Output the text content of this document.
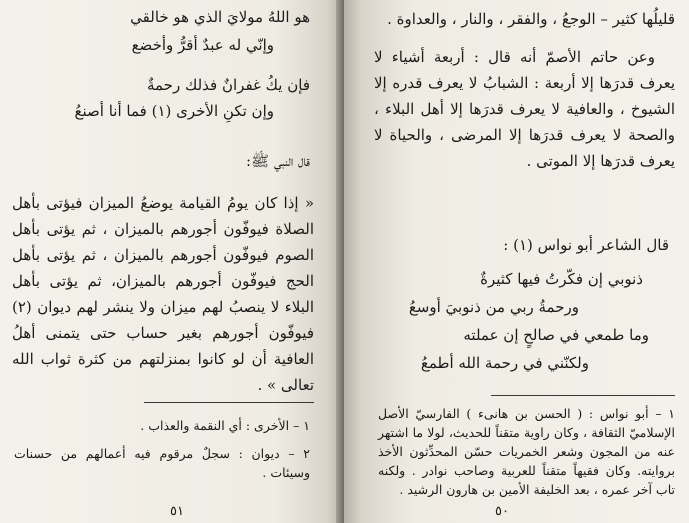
هو اللهُ مولايَ الذي هو خالقي
وإنّي له عبدٌ أقرُّ وأخضع
فإن يكُ غفرانٌ فذلك رحمةٌ
وإن تكنِ الأخرى (١) فما أنا أصنعُ
قال النبي ﷺ:
« إذا كان يومُ القيامة يوضعُ الميزان فيؤتى بأهل الصلاة فيوفّون أجورهم بالميزان ، ثم يؤتى بأهل الصوم فيوفّون أجورهم بالميزان ، ثم يؤتى بأهل الحج فيوفّون أجورهم بالميزان، ثم يؤتى بأهل البلاء لا ينصبُ لهم ميزان ولا ينشر لهم ديوان (٢) فيوفّون أجورهم بغير حساب حتى يتمنى أهلُ العافية أن لو كانوا بمنزلتهم من كثرة ثواب الله تعالى » .
١ – الأخرى : أي النقمة والعذاب .
٢ – ديوان : سجلٌ مرقوم فيه أعمالهم من حسنات وسيئات .
٥١
قليلُها كثير – الوجعُ ، والفقر ، والنار ، والعداوة .
وعن حاتم الأصمّ أنه قال : أربعة أشياء لا يعرف قدرَها إلا أربعة : الشبابُ لا يعرف قدره إلا الشيوخ ، والعافية لا يعرف قدرَها إلا أهل البلاء ، والصحة لا يعرف قدرَها إلا المرضى ، والحياة لا يعرف قدرَها إلا الموتى .
قال الشاعر أبو نواس (١) :
ذنوبي إن فكّرتُ فيها كثيرةٌ
ورحمةُ ربي من ذنوبيَ أوسعُ
وما طمعي في صالحٍ إن عملته
ولكنّني في رحمة الله أطمعُ
١ – أبو نواس : ( الحسن بن هانىء ) الفارسيّ الأصل الإسلاميّ الثقافة ، وكان راوية متقناً للحديث، لولا ما اشتهر عنه من المجون وشعر الخمريات حسّن المحدِّثون الأخذ بروايته. وكان فقيهاً متقناً للعربية وصاحب نوادر . ولكنه تاب آخر عمره ، بعد الخليفة الأمين بن هارون الرشيد .
٥٠
